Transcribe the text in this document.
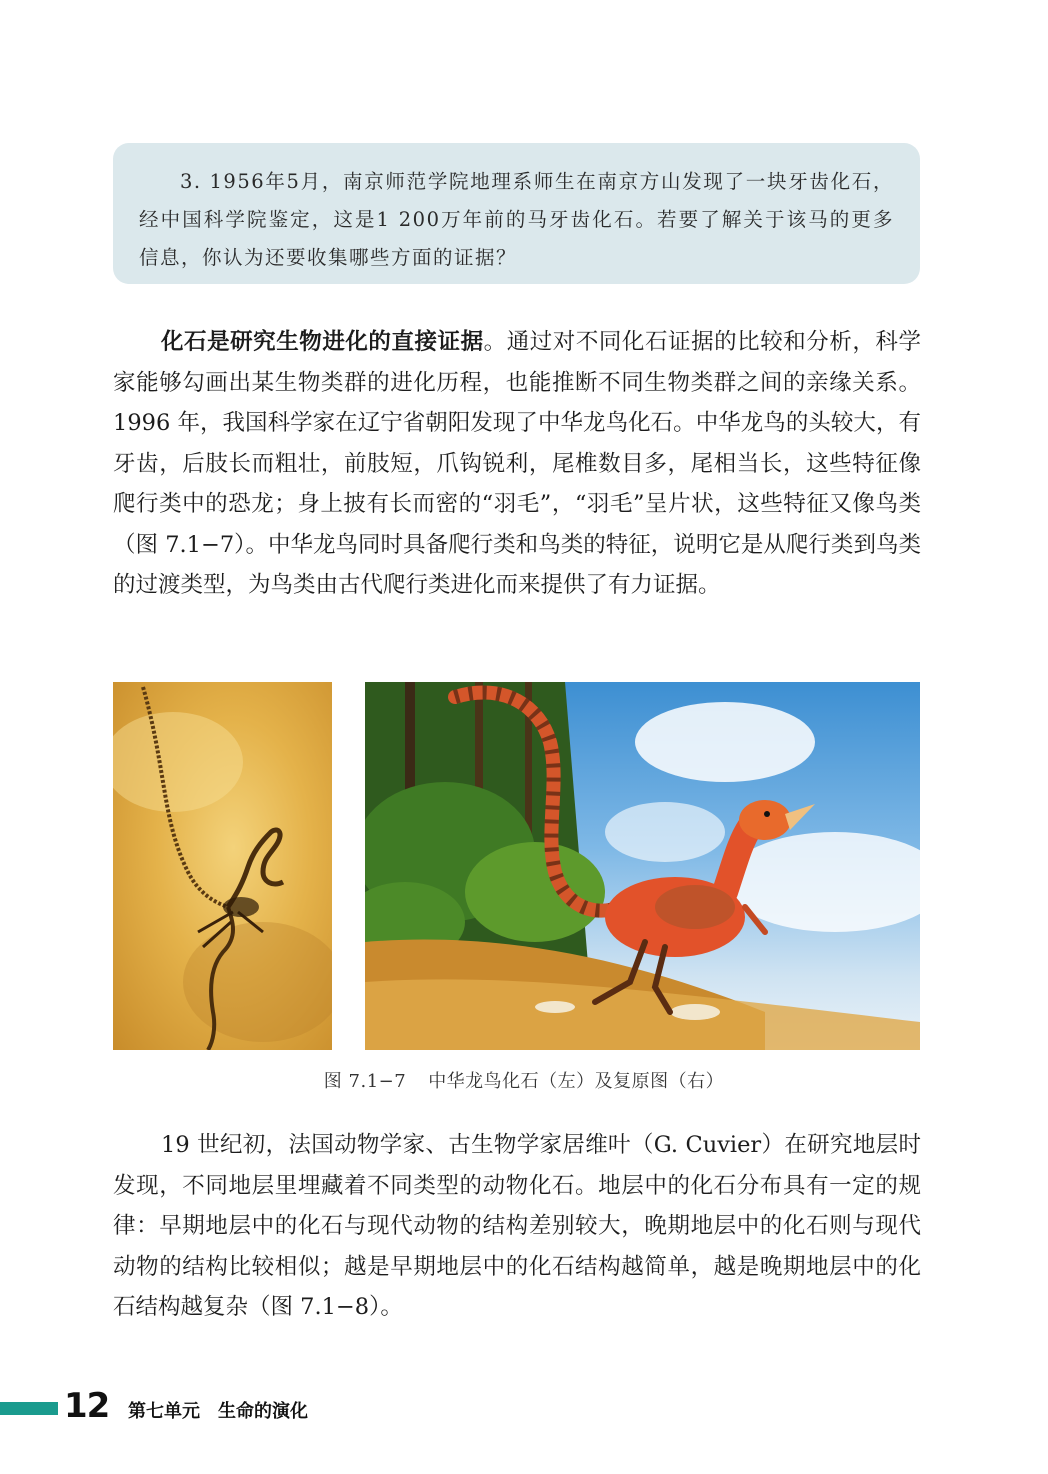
3. 1956年5月，南京师范学院地理系师生在南京方山发现了一块牙齿化石，经中国科学院鉴定，这是1 200万年前的马牙齿化石。若要了解关于该马的更多信息，你认为还要收集哪些方面的证据？

化石是研究生物进化的直接证据。通过对不同化石证据的比较和分析，科学家能够勾画出某生物类群的进化历程，也能推断不同生物类群之间的亲缘关系。1996 年，我国科学家在辽宁省朝阳发现了中华龙鸟化石。中华龙鸟的头较大，有牙齿，后肢长而粗壮，前肢短，爪钩锐利，尾椎数目多，尾相当长，这些特征像爬行类中的恐龙；身上披有长而密的“羽毛”，“羽毛”呈片状，这些特征又像鸟类（图 7.1−7）。中华龙鸟同时具备爬行类和鸟类的特征，说明它是从爬行类到鸟类的过渡类型，为鸟类由古代爬行类进化而来提供了有力证据。

图 7.1−7 中华龙鸟化石（左）及复原图（右）

19 世纪初，法国动物学家、古生物学家居维叶（G. Cuvier）在研究地层时发现，不同地层里埋藏着不同类型的动物化石。地层中的化石分布具有一定的规律：早期地层中的化石与现代动物的结构差别较大，晚期地层中的化石则与现代动物的结构比较相似；越是早期地层中的化石结构越简单，越是晚期地层中的化石结构越复杂（图 7.1−8）。

12 第七单元 生命的演化
